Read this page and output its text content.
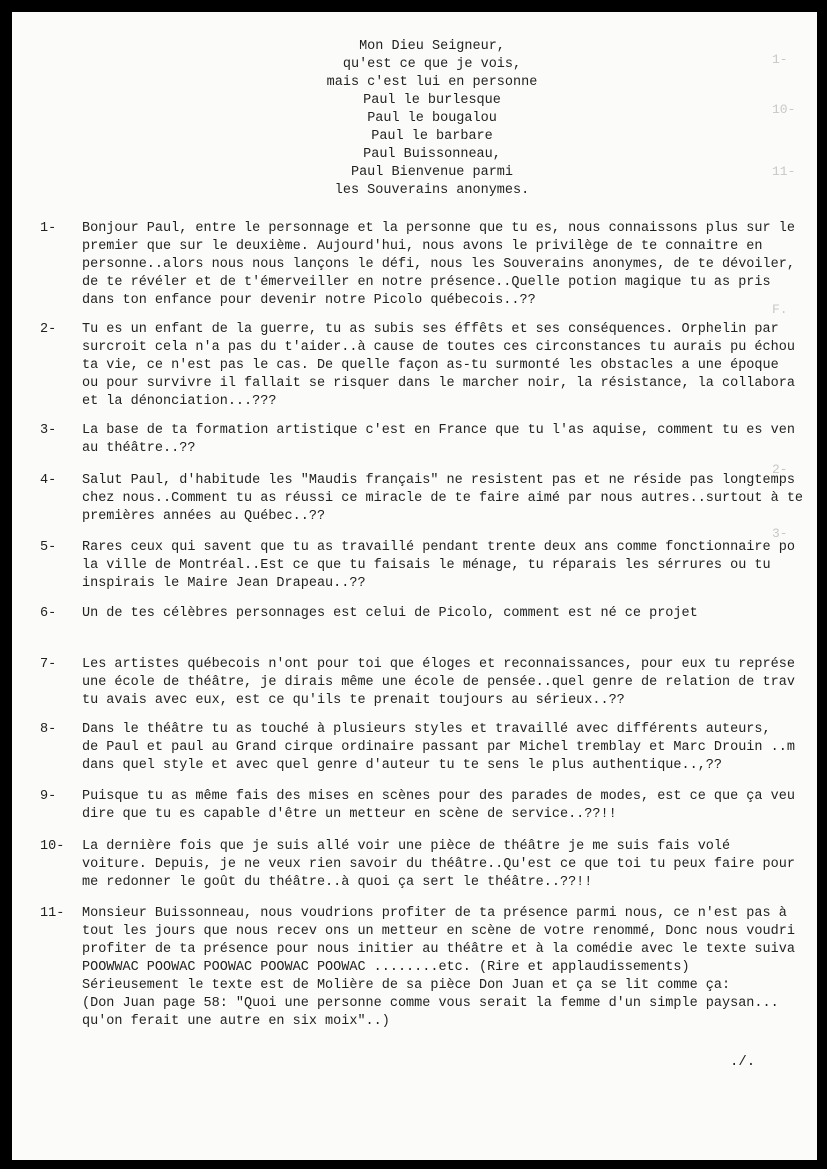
1-
10-
11-
F.
2-
3-
Mon Dieu Seigneur,
qu'est ce que je vois,
mais c'est lui en personne
Paul le burlesque
Paul le bougalou
Paul le barbare
Paul Buissonneau,
Paul Bienvenue parmi
les Souverains anonymes.
1- Bonjour Paul, entre le personnage et la personne que tu es, nous connaissons plus sur le
premier que sur le deuxième. Aujourd'hui, nous avons le privilège de te connaitre en
personne..alors nous nous lançons le défi, nous les Souverains anonymes, de te dévoiler,
de te révéler et de t'émerveiller en notre présence..Quelle potion magique tu as pris
dans ton enfance pour devenir notre Picolo québecois..??
2- Tu es un enfant de la guerre, tu as subis ses éffêts et ses conséquences. Orphelin par
surcroit cela n'a pas du t'aider..à cause de toutes ces circonstances tu aurais pu échou
ta vie, ce n'est pas le cas. De quelle façon as-tu surmonté les obstacles a une époque
ou pour survivre il fallait se risquer dans le marcher noir, la résistance, la collabora
et la dénonciation...???
3- La base de ta formation artistique c'est en France que tu l'as aquise, comment tu es ven
au théâtre..??
4- Salut Paul, d'habitude les "Maudis français" ne resistent pas et ne réside pas longtemps
chez nous..Comment tu as réussi ce miracle de te faire aimé par nous autres..surtout à te
premières années au Québec..??
5- Rares ceux qui savent que tu as travaillé pendant trente deux ans comme fonctionnaire po
la ville de Montréal..Est ce que tu faisais le ménage, tu réparais les sérrures ou tu
inspirais le Maire Jean Drapeau..??
6- Un de tes célèbres personnages est celui de Picolo, comment est né ce projet
7- Les artistes québecois n'ont pour toi que éloges et reconnaissances, pour eux tu représe
une école de théâtre, je dirais même une école de pensée..quel genre de relation de trav
tu avais avec eux, est ce qu'ils te prenait toujours au sérieux..??
8- Dans le théâtre tu as touché à plusieurs styles et travaillé avec différents auteurs,
de Paul et paul au Grand cirque ordinaire passant par Michel tremblay et Marc Drouin ..m
dans quel style et avec quel genre d'auteur tu te sens le plus authentique..,??
9- Puisque tu as même fais des mises en scènes pour des parades de modes, est ce que ça veu
dire que tu es capable d'être un metteur en scène de service..??!!
10- La dernière fois que je suis allé voir une pièce de théâtre je me suis fais volé
voiture. Depuis, je ne veux rien savoir du théâtre..Qu'est ce que toi tu peux faire pour
me redonner le goût du théâtre..à quoi ça sert le théâtre..??!!
11- Monsieur Buissonneau, nous voudrions profiter de ta présence parmi nous, ce n'est pas à
tout les jours que nous recev ons un metteur en scène de votre renommé, Donc nous voudri
profiter de ta présence pour nous initier au théâtre et à la comédie avec le texte suiva
POOWWAC POOWAC POOWAC POOWAC POOWAC ........etc. (Rire et applaudissements)
Sérieusement le texte est de Molière de sa pièce Don Juan et ça se lit comme ça:
(Don Juan page 58: "Quoi une personne comme vous serait la femme d'un simple paysan...
qu'on ferait une autre en six moix"..)
./.
